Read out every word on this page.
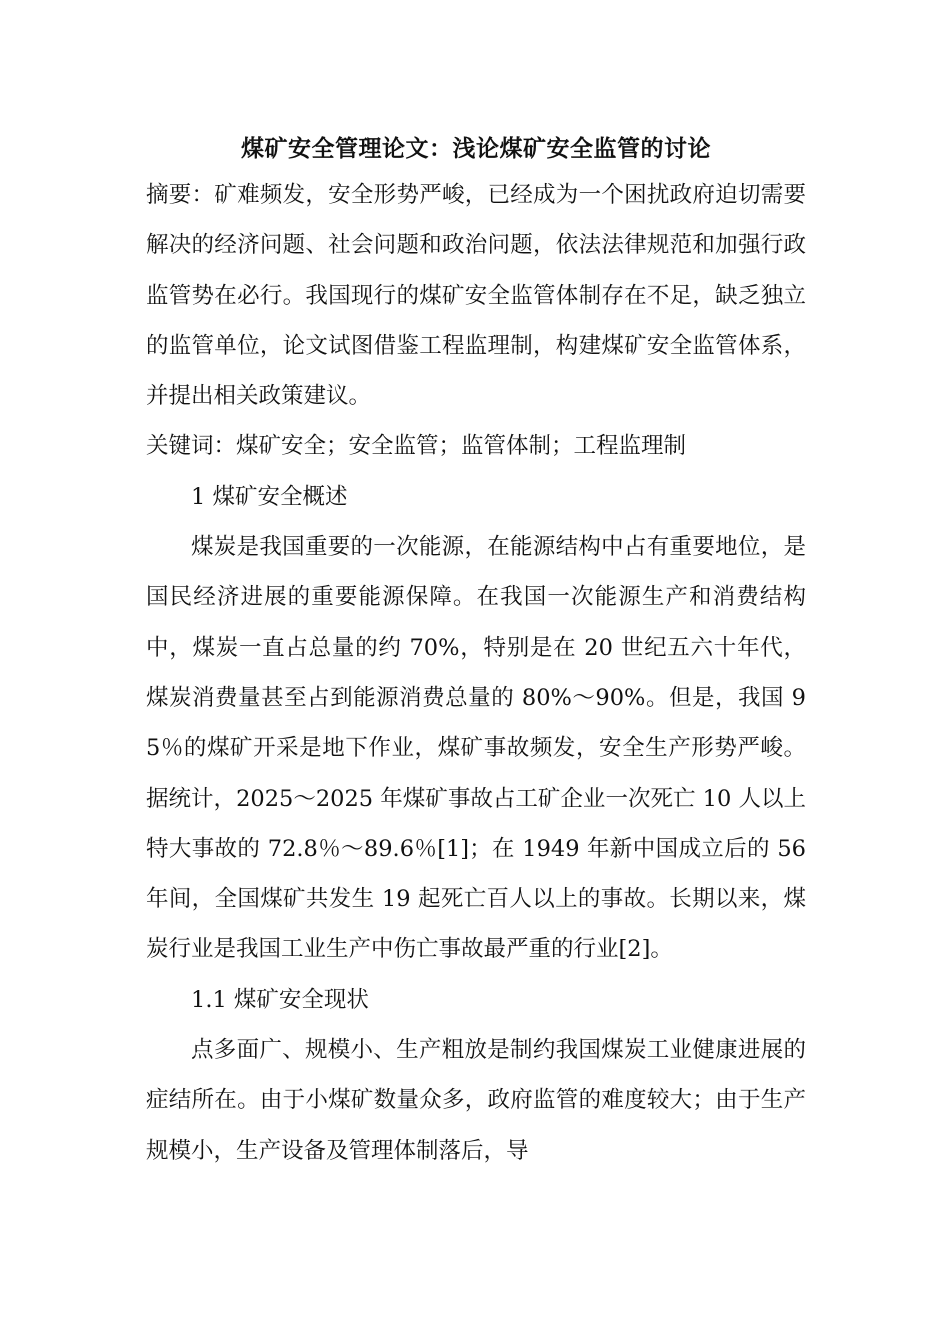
煤矿安全管理论文：浅论煤矿安全监管的讨论

摘要：矿难频发，安全形势严峻，已经成为一个困扰政府迫切需要解决的经济问题、社会问题和政治问题，依法法律规范和加强行政监管势在必行。我国现行的煤矿安全监管体制存在不足，缺乏独立的监管单位，论文试图借鉴工程监理制，构建煤矿安全监管体系，并提出相关政策建议。

关键词：煤矿安全；安全监管；监管体制；工程监理制

1 煤矿安全概述

煤炭是我国重要的一次能源，在能源结构中占有重要地位，是国民经济进展的重要能源保障。在我国一次能源生产和消费结构中，煤炭一直占总量的约 70%，特别是在 20 世纪五六十年代，煤炭消费量甚至占到能源消费总量的 80%～90%。但是，我国 95％的煤矿开采是地下作业，煤矿事故频发，安全生产形势严峻。据统计，2025～2025 年煤矿事故占工矿企业一次死亡 10 人以上特大事故的 72.8％～89.6％[1]；在 1949 年新中国成立后的 56 年间，全国煤矿共发生 19 起死亡百人以上的事故。长期以来，煤炭行业是我国工业生产中伤亡事故最严重的行业[2]。

1.1 煤矿安全现状

点多面广、规模小、生产粗放是制约我国煤炭工业健康进展的症结所在。由于小煤矿数量众多，政府监管的难度较大；由于生产规模小，生产设备及管理体制落后，导
